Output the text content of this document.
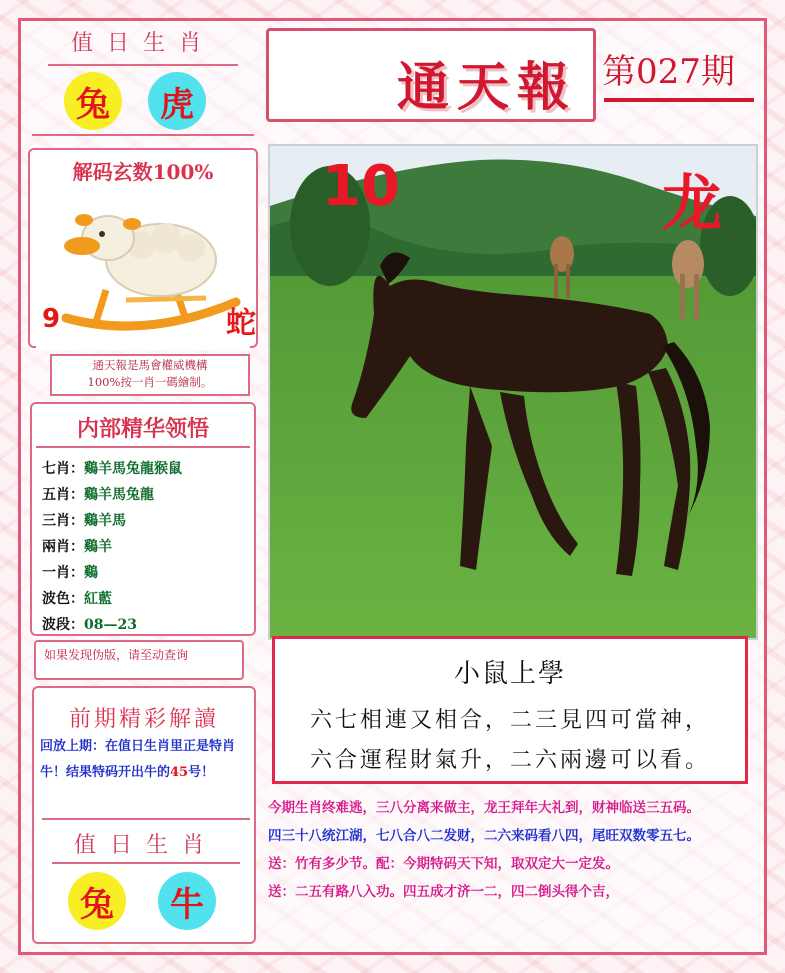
值日生肖
兔	虎
解码玄数100%
9	蛇
通天報是馬會權威機構
100%按一肖一碼繪制。
内部精华领悟
七肖：鷄羊馬兔龍猴鼠
五肖：鷄羊馬兔龍
三肖：鷄羊馬
兩肖：鷄羊
一肖：鷄
波色：紅藍
波段：08—23
如果发现伪版，请至动查询
前期精彩解讀
回放上期：在值日生肖里正是特肖牛！结果特码开出牛的45号！
值日生肖
兔	牛
通天報 第027期
10	龙
小鼠上學
六七相連又相合，二三見四可當神，
六合運程財氣升，二六兩邊可以看。
今期生肖终难逃，三八分离来做主，龙王拜年大礼到，财神临送三五码。
四三十八统江湖，七八合八二发财，二六来码看八四，尾旺双数零五七。
送：竹有多少节。配：今期特码天下知，取双定大一定发。
送：二五有路八入功。四五成才济一二，四二倒头得个吉，
